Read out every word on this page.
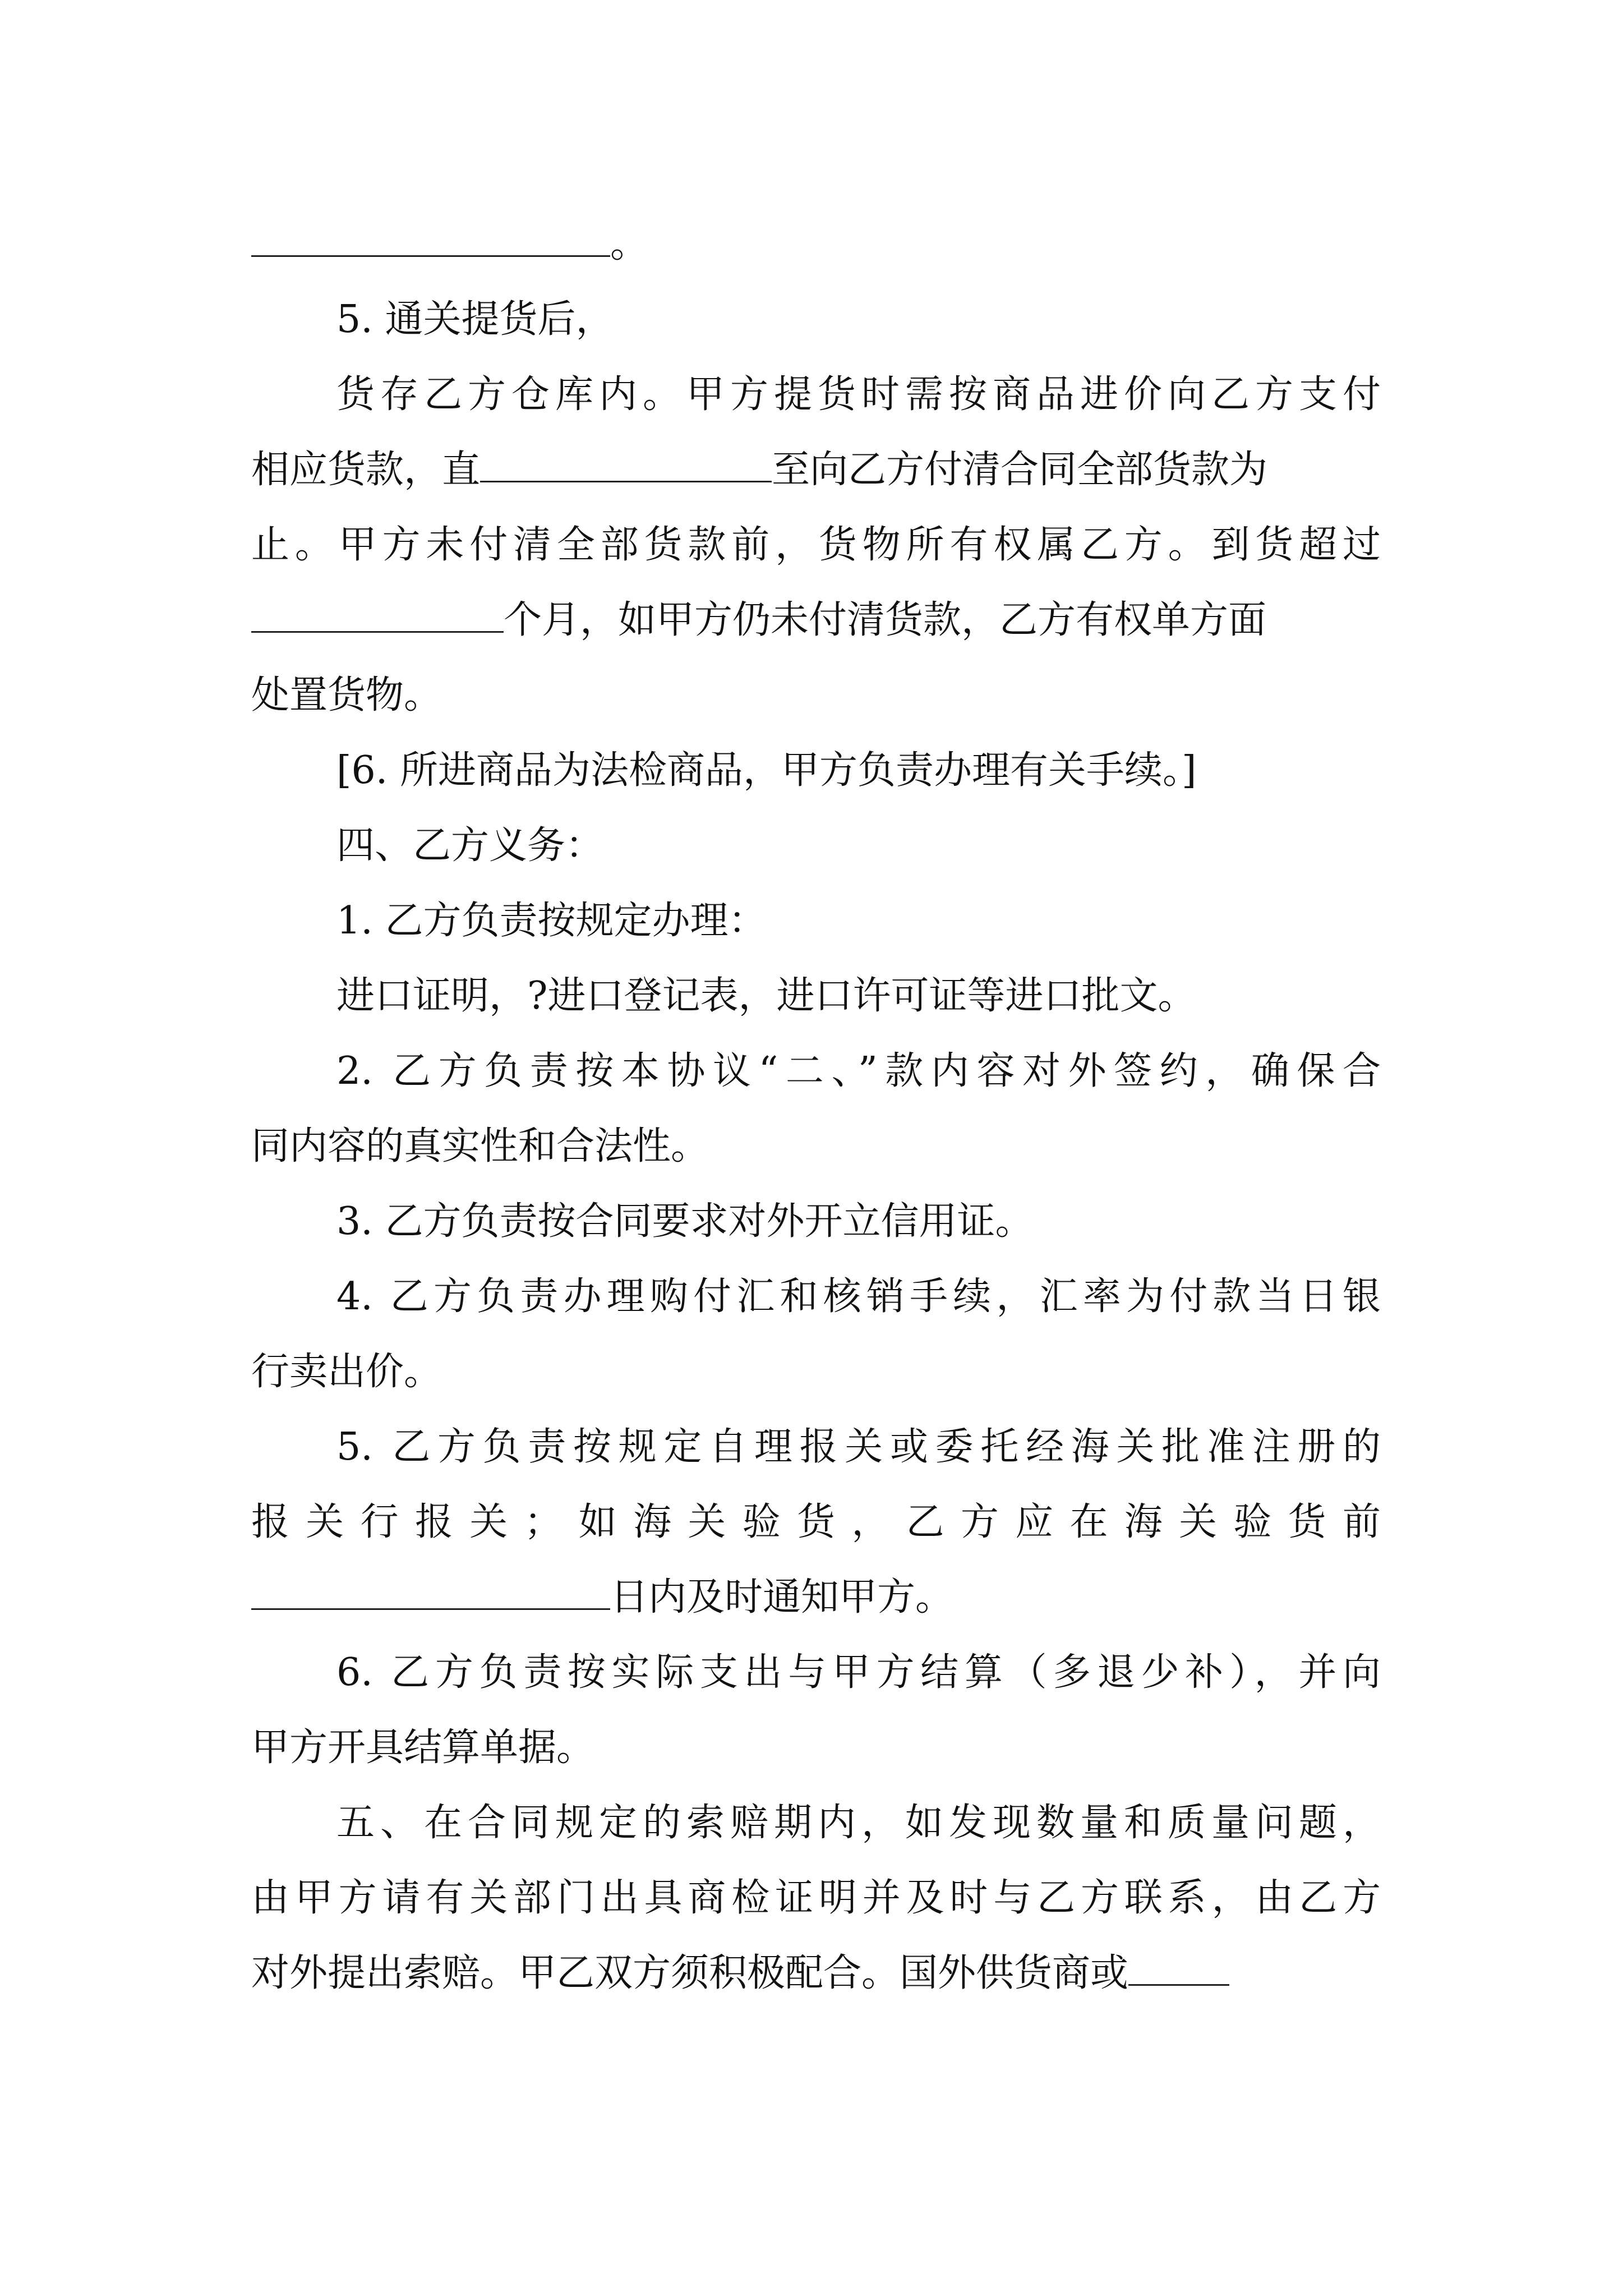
。
5. 通关提货后，
货存乙方仓库内。甲方提货时需按商品进价向乙方支付
相应货款，直	至向乙方付清合同全部货款为
止。甲方未付清全部货款前，货物所有权属乙方。到货超过
个月，如甲方仍未付清货款，乙方有权单方面
处置货物。
[6. 所进商品为法检商品，甲方负责办理有关手续。]
四、乙方义务：
1. 乙方负责按规定办理：
进口证明，?进口登记表，进口许可证等进口批文。
2. 乙方负责按本协议“二、”款内容对外签约，确保合
同内容的真实性和合法性。
3. 乙方负责按合同要求对外开立信用证。
4. 乙方负责办理购付汇和核销手续，汇率为付款当日银
行卖出价。
5. 乙方负责按规定自理报关或委托经海关批准注册的
报关行报关；如海关验货，乙方应在海关验货前
日内及时通知甲方。
6. 乙方负责按实际支出与甲方结算（多退少补），并向
甲方开具结算单据。
五、在合同规定的索赔期内，如发现数量和质量问题，
由甲方请有关部门出具商检证明并及时与乙方联系，由乙方
对外提出索赔。甲乙双方须积极配合。国外供货商或
